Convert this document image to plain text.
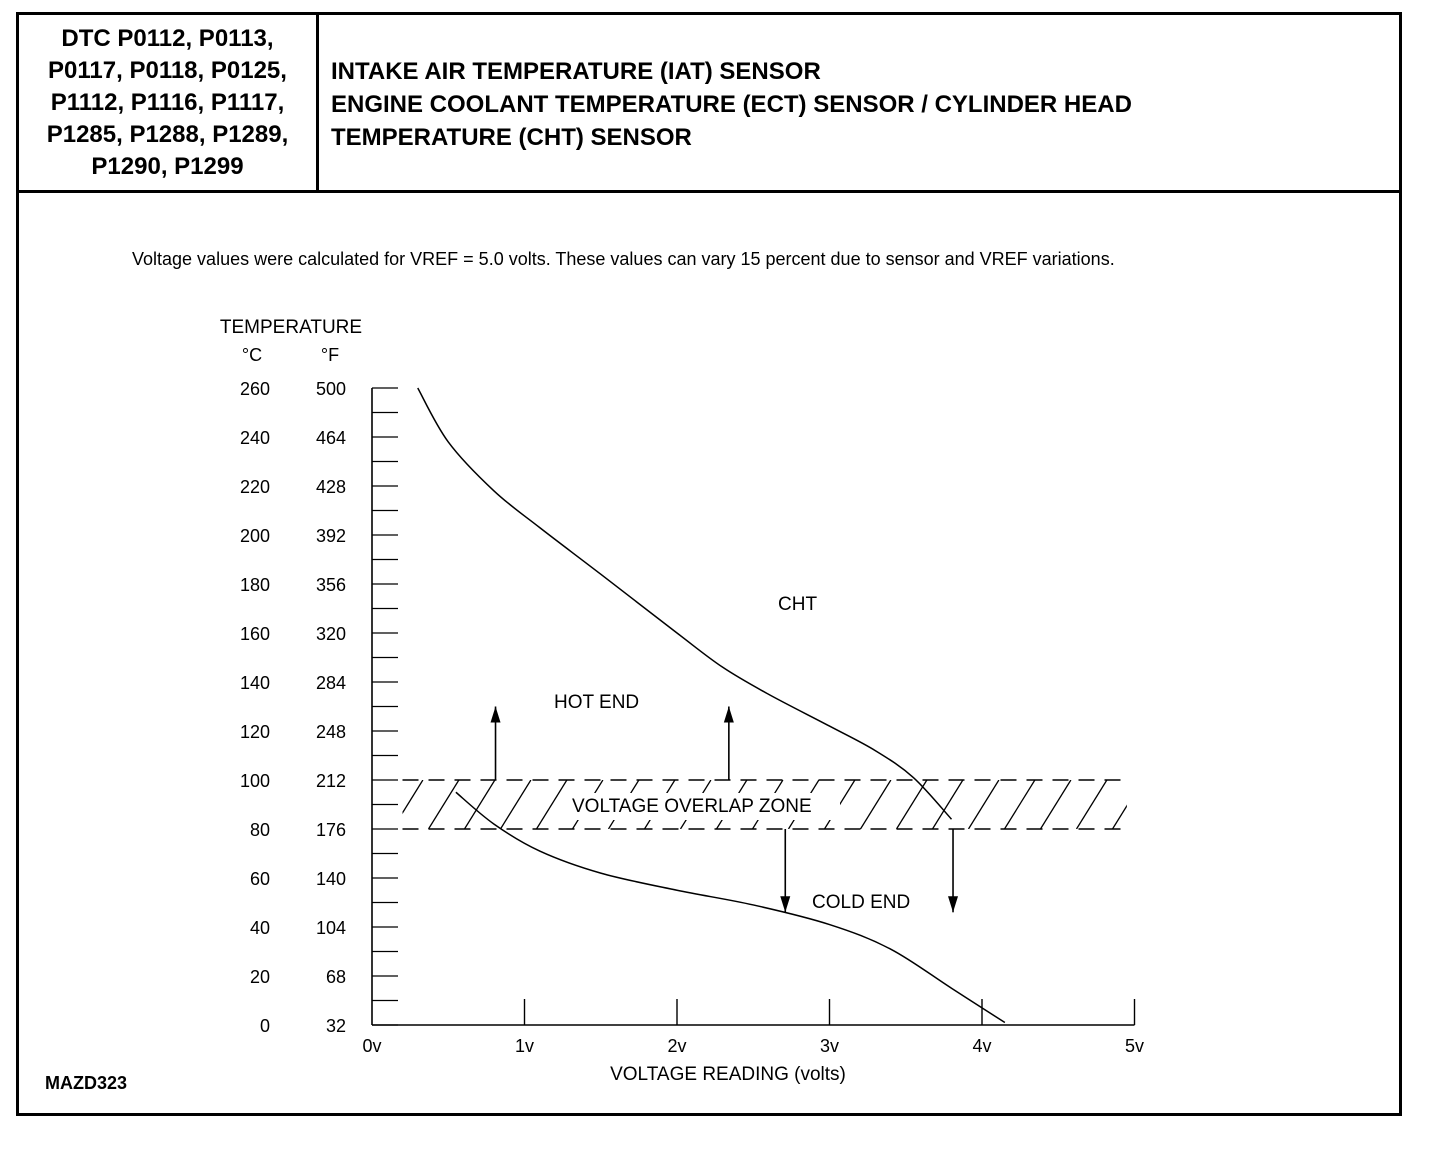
DTC P0112, P0113,
P0117, P0118, P0125,
P1112, P1116, P1117,
P1285, P1288, P1289,
P1290, P1299
INTAKE AIR TEMPERATURE (IAT) SENSOR
ENGINE COOLANT TEMPERATURE (ECT) SENSOR / CYLINDER HEAD
TEMPERATURE (CHT) SENSOR
Voltage values were calculated for VREF = 5.0 volts. These values can vary 15 percent due to sensor and VREF variations.
MAZD323
TEMPERATURE
°C	°F
260	500
240	464
220	428
200	392
180	356
160	320
140	284
120	248
100	212
80	176
60	140
40	104
20	68
0	32
0v	1v	2v	3v	4v	5v
CHT
HOT END
COLD END
VOLTAGE OVERLAP ZONE
VOLTAGE READING (volts)
